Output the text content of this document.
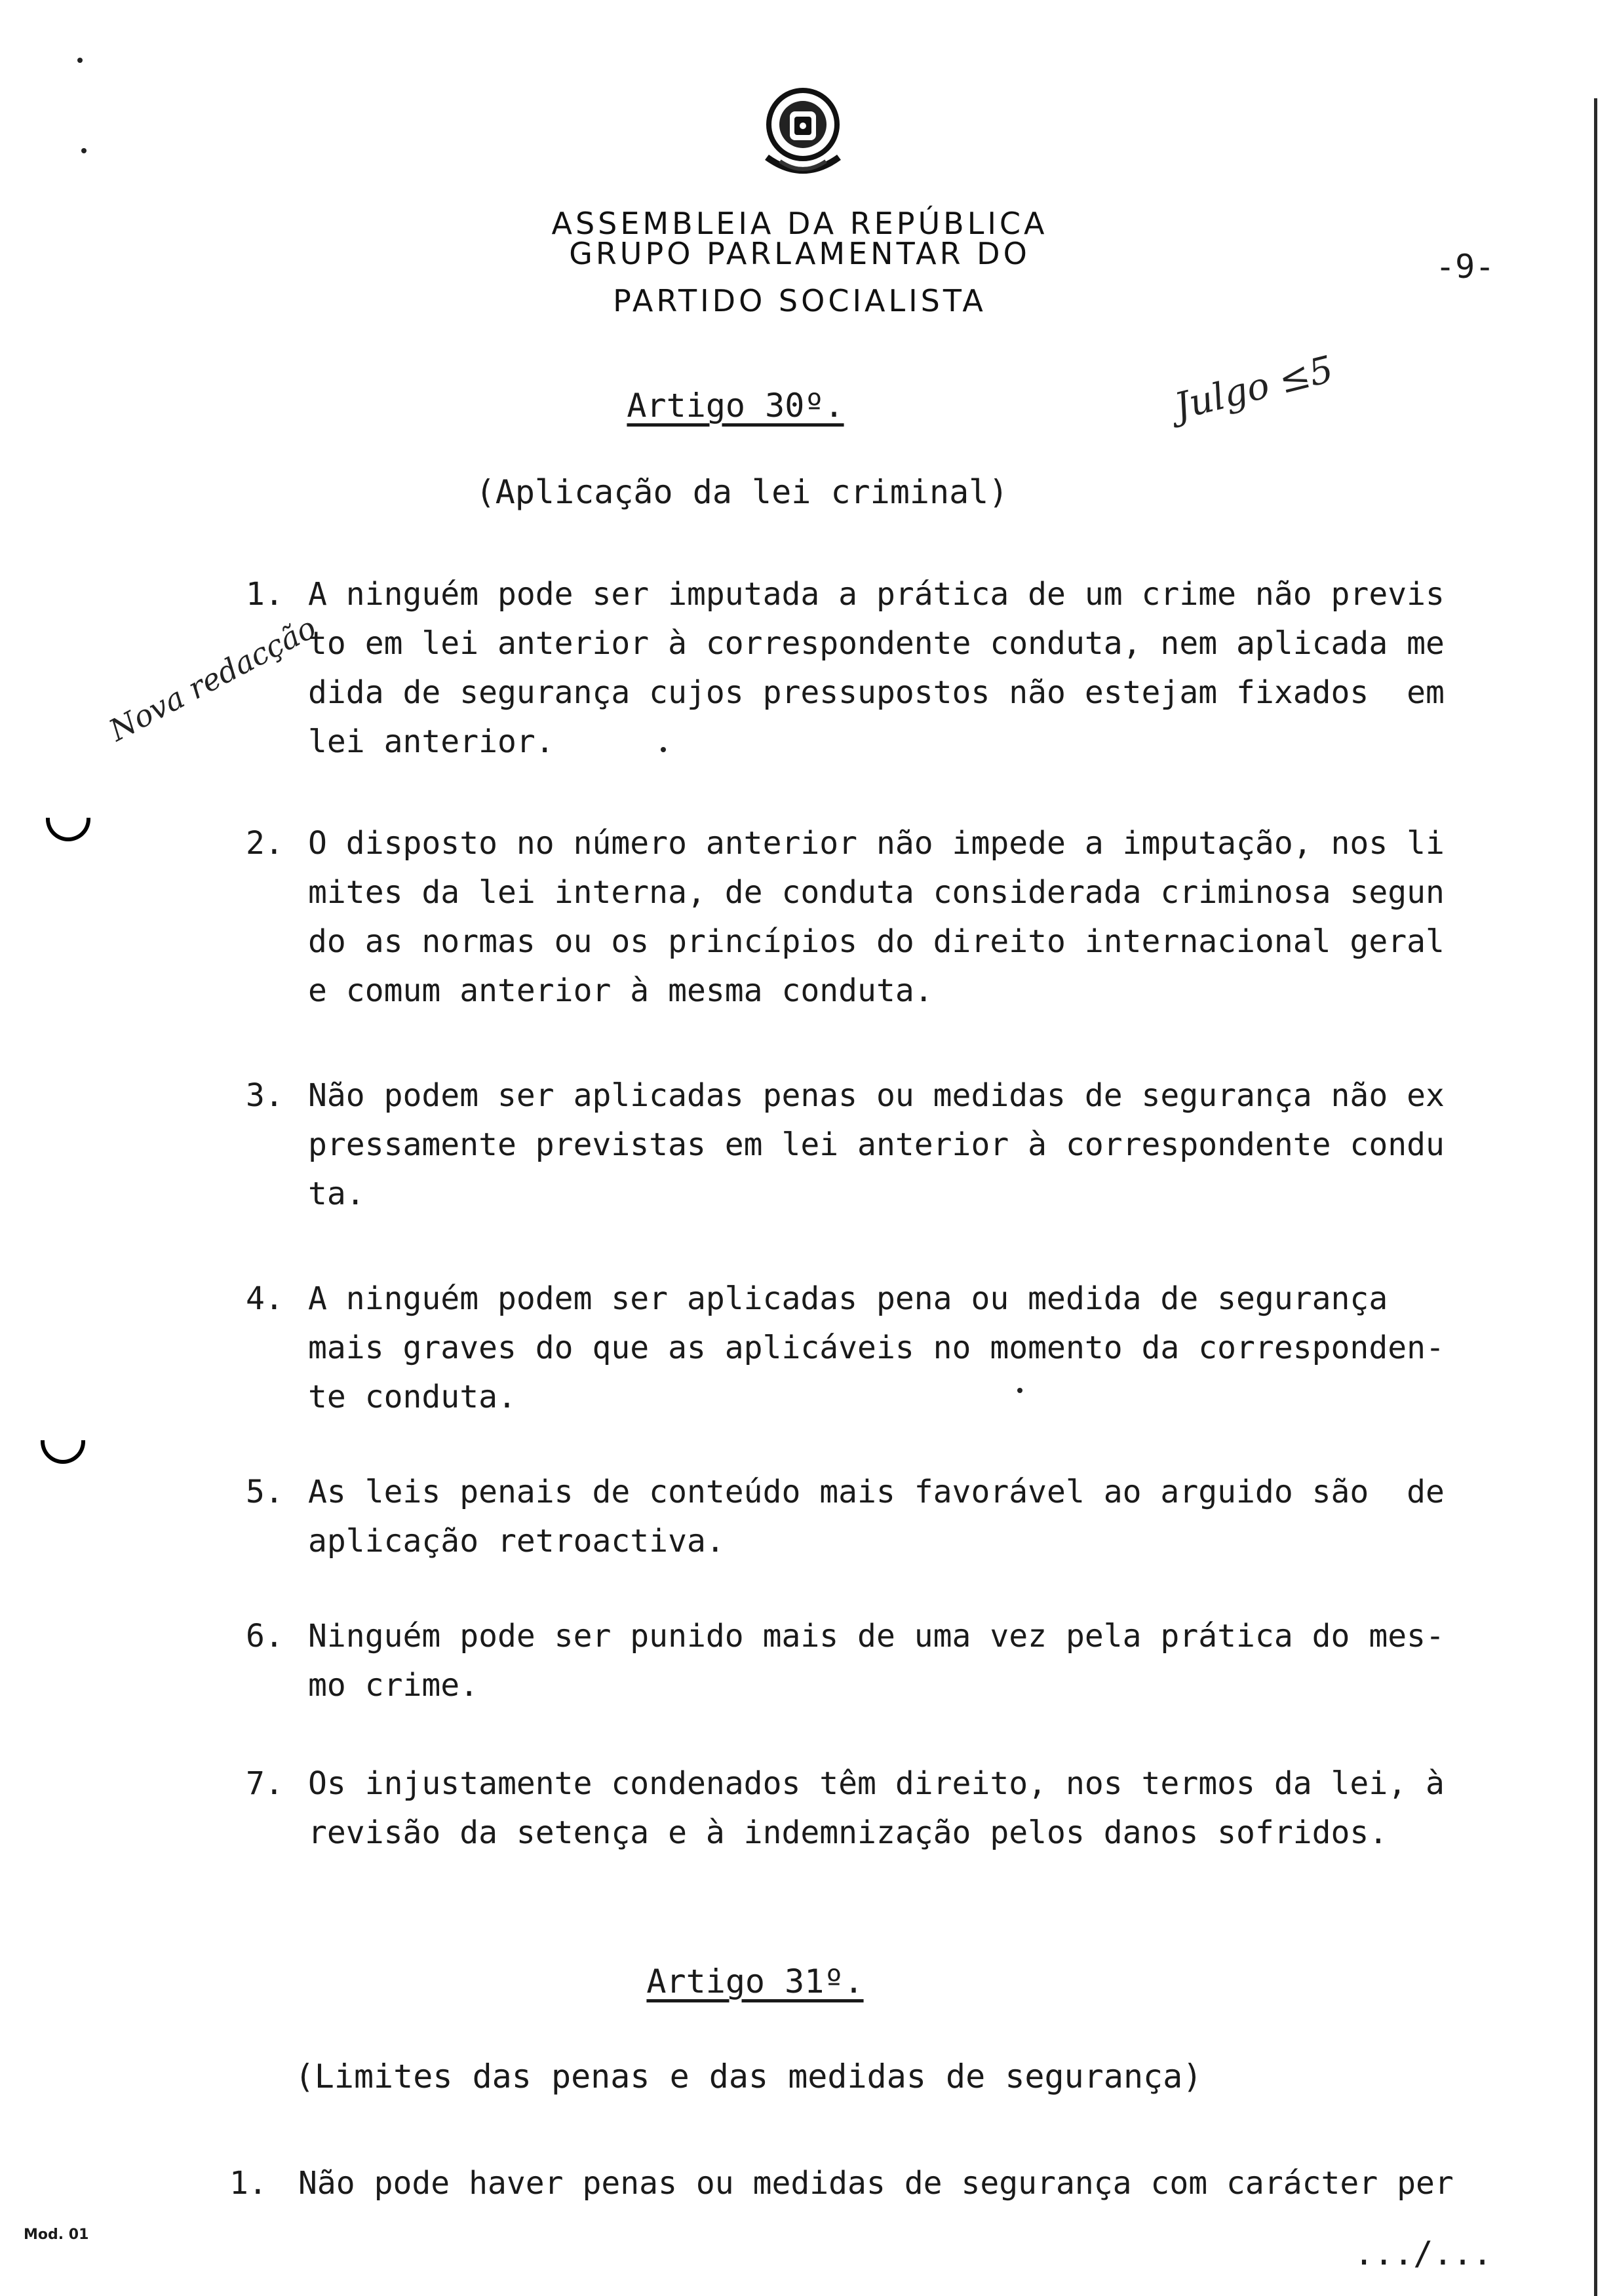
ASSEMBLEIA DA REPÚBLICA
GRUPO PARLAMENTAR DO
PARTIDO SOCIALISTA
-9-
Julgo ≤5
Nova redacção
Artigo 30º.
(Aplicação da lei criminal)
1. A ninguém pode ser imputada a prática de um crime não previs
to em lei anterior à correspondente conduta, nem aplicada me
dida de segurança cujos pressupostos não estejam fixados  em
lei anterior.
2. O disposto no número anterior não impede a imputação, nos li
mites da lei interna, de conduta considerada criminosa segun
do as normas ou os princípios do direito internacional geral
e comum anterior à mesma conduta.
3. Não podem ser aplicadas penas ou medidas de segurança não ex
pressamente previstas em lei anterior à correspondente condu
ta.
4. A ninguém podem ser aplicadas pena ou medida de segurança
mais graves do que as aplicáveis no momento da corresponden-
te conduta.
5. As leis penais de conteúdo mais favorável ao arguido são  de
aplicação retroactiva.
6. Ninguém pode ser punido mais de uma vez pela prática do mes-
mo crime.
7. Os injustamente condenados têm direito, nos termos da lei, à
revisão da setença e à indemnização pelos danos sofridos.
Artigo 31º.
(Limites das penas e das medidas de segurança)
1. Não pode haver penas ou medidas de segurança com carácter per
Mod. 01	.../...
